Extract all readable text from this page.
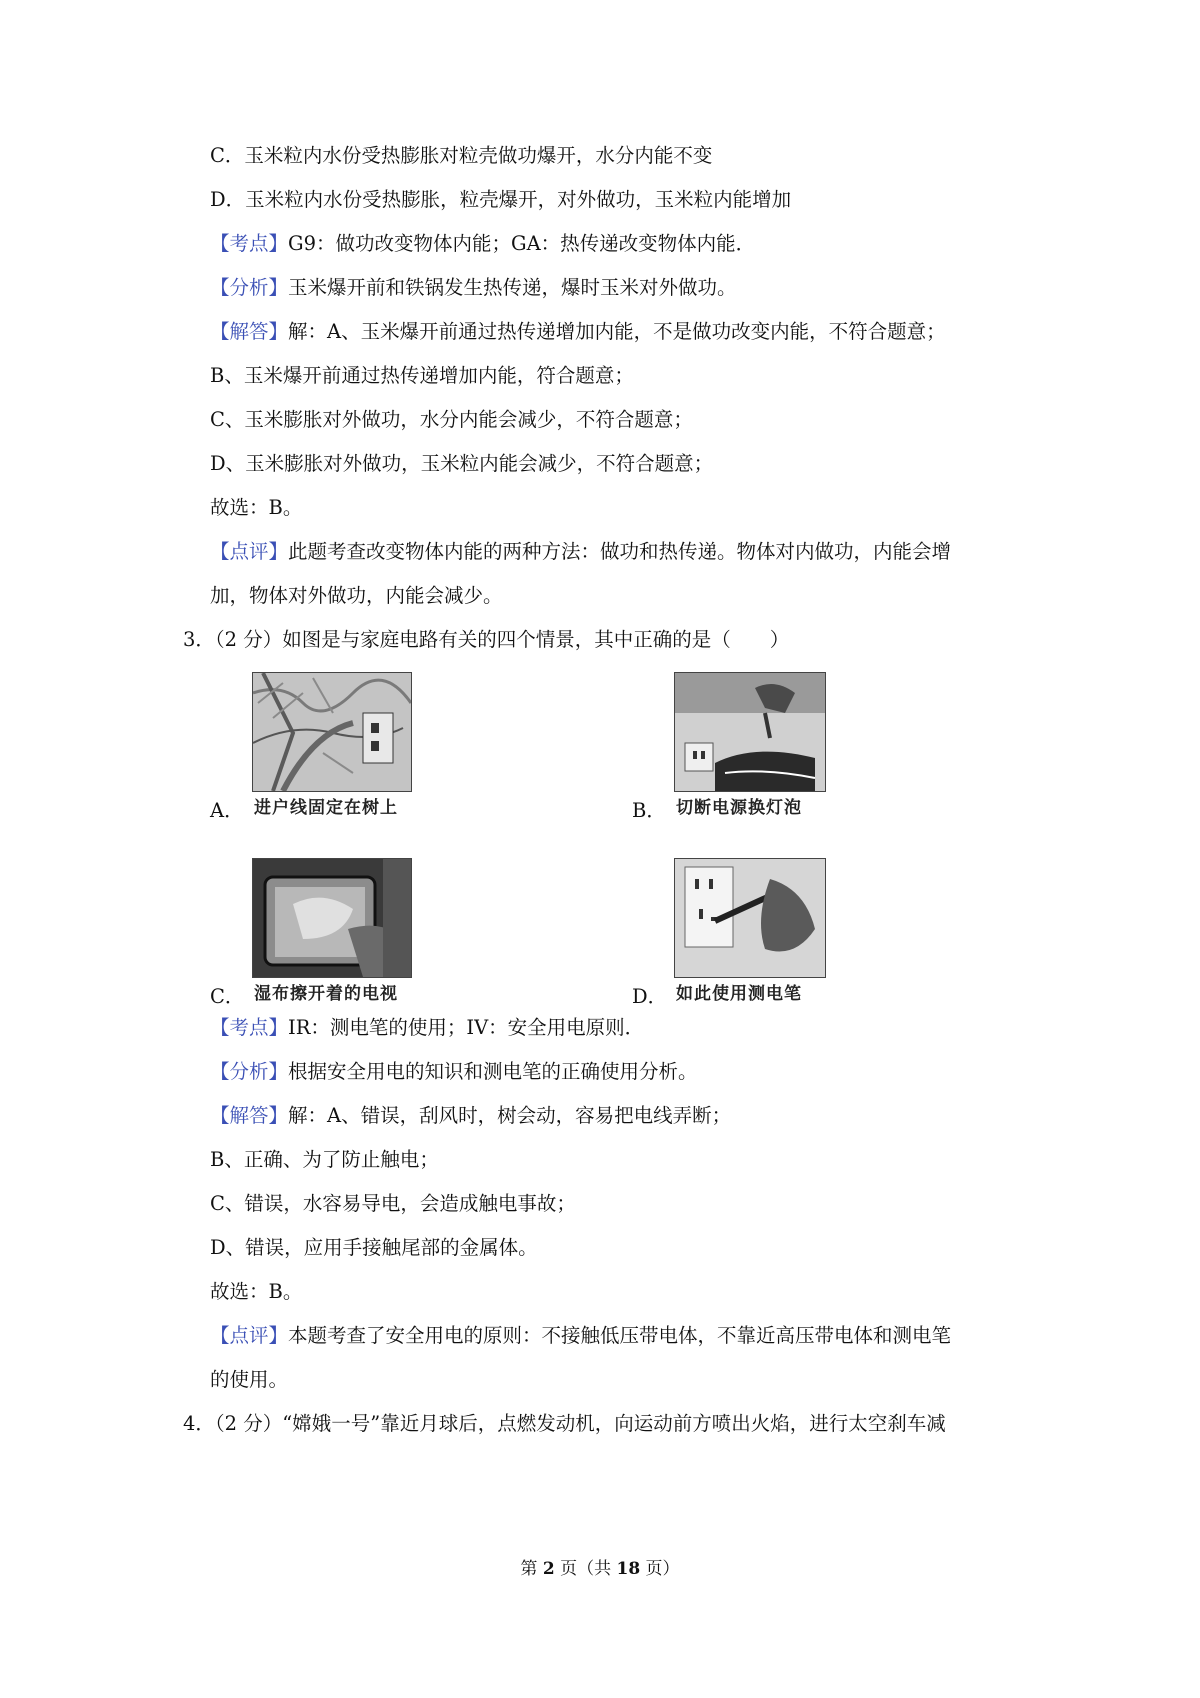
C．玉米粒内水份受热膨胀对粒壳做功爆开，水分内能不变
D．玉米粒内水份受热膨胀，粒壳爆开，对外做功，玉米粒内能增加
【考点】G9：做功改变物体内能；GA：热传递改变物体内能．
【分析】玉米爆开前和铁锅发生热传递，爆时玉米对外做功。
【解答】解：A、玉米爆开前通过热传递增加内能，不是做功改变内能，不符合题意；
B、玉米爆开前通过热传递增加内能，符合题意；
C、玉米膨胀对外做功，水分内能会减少，不符合题意；
D、玉米膨胀对外做功，玉米粒内能会减少，不符合题意；
故选：B。
【点评】此题考查改变物体内能的两种方法：做功和热传递。物体对内做功，内能会增
加，物体对外做功，内能会减少。
3．（2 分）如图是与家庭电路有关的四个情景，其中正确的是（　　）
A． 进户线固定在树上	B． 切断电源换灯泡
C． 湿布擦开着的电视	D． 如此使用测电笔
【考点】IR：测电笔的使用；IV：安全用电原则．
【分析】根据安全用电的知识和测电笔的正确使用分析。
【解答】解：A、错误，刮风时，树会动，容易把电线弄断；
B、正确、为了防止触电；
C、错误，水容易导电，会造成触电事故；
D、错误，应用手接触尾部的金属体。
故选：B。
【点评】本题考查了安全用电的原则：不接触低压带电体，不靠近高压带电体和测电笔
的使用。
4．（2 分）“嫦娥一号”靠近月球后，点燃发动机，向运动前方喷出火焰，进行太空刹车减
第 2 页（共 18 页）
